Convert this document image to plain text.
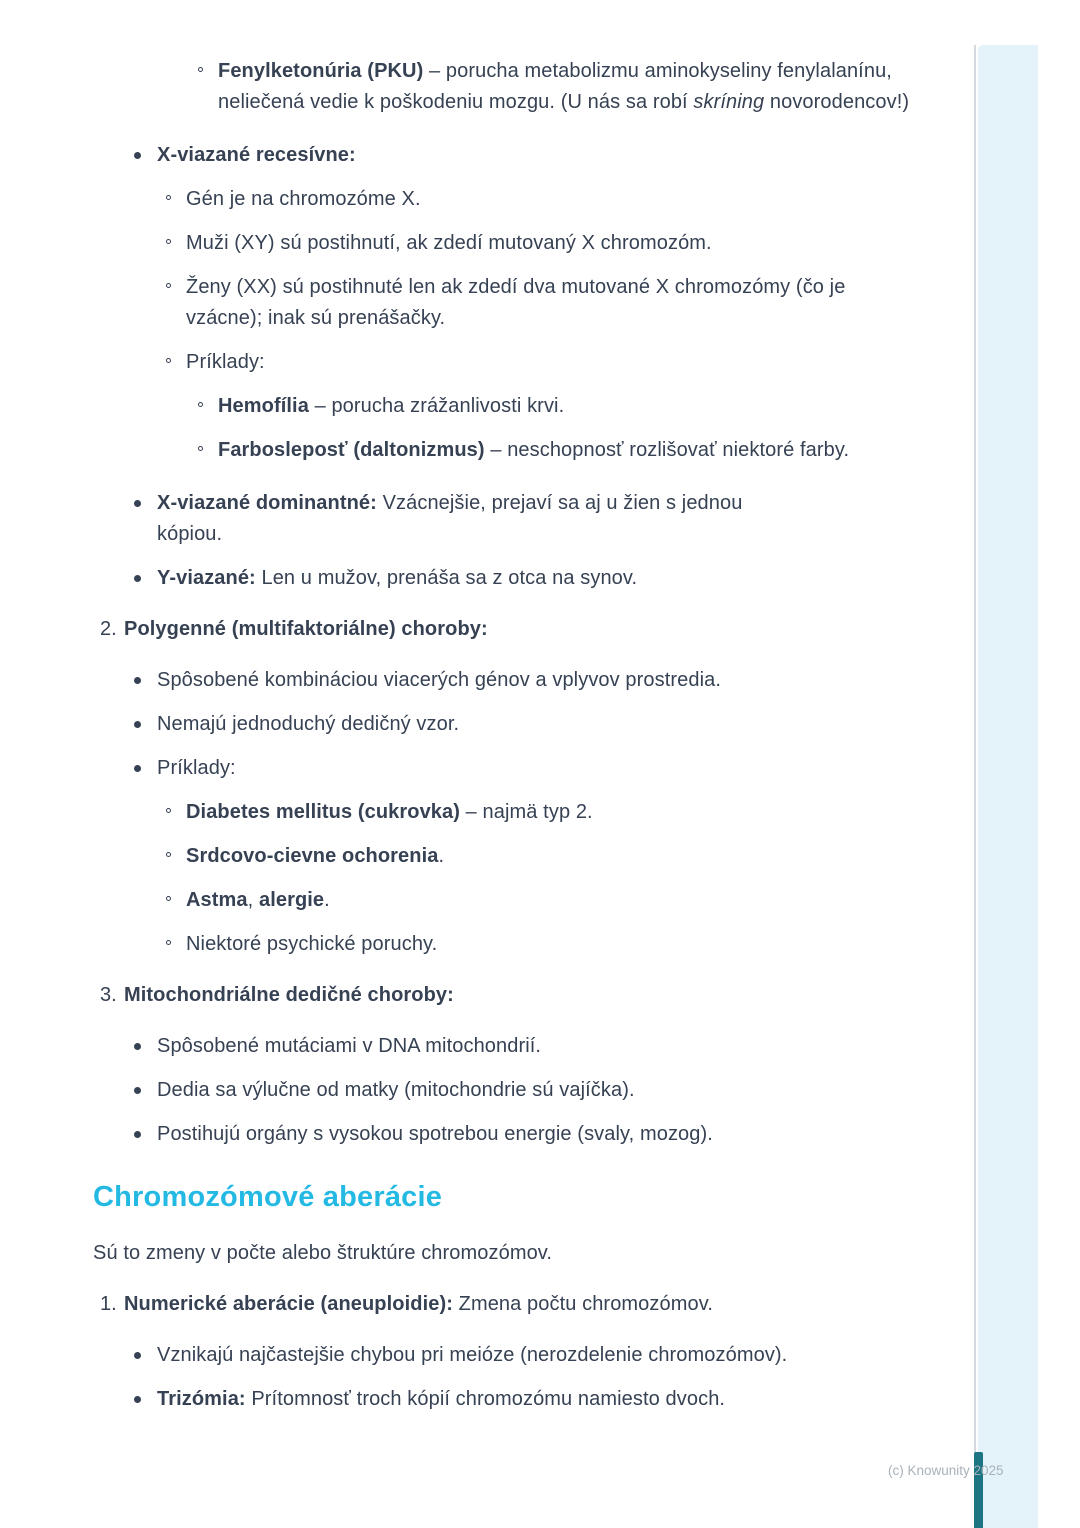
Fenylketonúria (PKU) – porucha metabolizmu aminokyseliny fenylalanínu, neliečená vedie k poškodeniu mozgu. (U nás sa robí skríning novorodencov!)

X-viazané recesívne:

Gén je na chromozóme X.

Muži (XY) sú postihnutí, ak zdedí mutovaný X chromozóm.

Ženy (XX) sú postihnuté len ak zdedí dva mutované X chromozómy (čo je vzácne); inak sú prenášačky.

Príklady:

Hemofília – porucha zrážanlivosti krvi.

Farbosleposť (daltonizmus) – neschopnosť rozlišovať niektoré farby.

X-viazané dominantné: Vzácnejšie, prejaví sa aj u žien s jednou kópiou.

Y-viazané: Len u mužov, prenáša sa z otca na synov.

2. Polygenné (multifaktoriálne) choroby:

Spôsobené kombináciou viacerých génov a vplyvov prostredia.

Nemajú jednoduchý dedičný vzor.

Príklady:

Diabetes mellitus (cukrovka) – najmä typ 2.

Srdcovo-cievne ochorenia.

Astma, alergie.

Niektoré psychické poruchy.

3. Mitochondriálne dedičné choroby:

Spôsobené mutáciami v DNA mitochondrií.

Dedia sa výlučne od matky (mitochondrie sú vajíčka).

Postihujú orgány s vysokou spotrebou energie (svaly, mozog).

Chromozómové aberácie

Sú to zmeny v počte alebo štruktúre chromozómov.

1. Numerické aberácie (aneuploidie): Zmena počtu chromozómov.

Vznikajú najčastejšie chybou pri meióze (nerozdelenie chromozómov).

Trizómia: Prítomnosť troch kópií chromozómu namiesto dvoch.

(c) Knowunity 2025
